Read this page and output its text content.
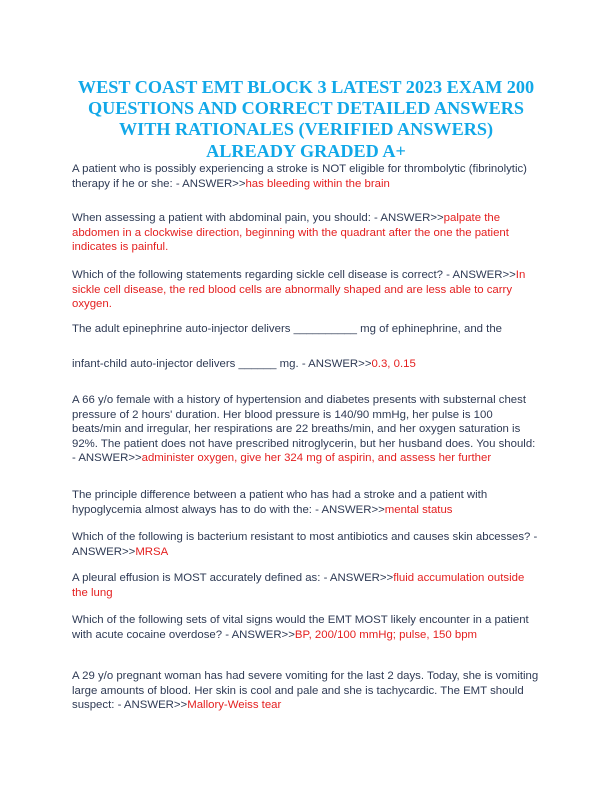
WEST COAST EMT BLOCK 3 LATEST 2023 EXAM 200
QUESTIONS AND CORRECT DETAILED ANSWERS
WITH RATIONALES (VERIFIED ANSWERS)
ALREADY GRADED A+

A patient who is possibly experiencing a stroke is NOT eligible for thrombolytic (fibrinolytic) therapy if he or she: - ANSWER>>has bleeding within the brain

When assessing a patient with abdominal pain, you should: - ANSWER>>palpate the abdomen in a clockwise direction, beginning with the quadrant after the one the patient indicates is painful.

Which of the following statements regarding sickle cell disease is correct? - ANSWER>>In sickle cell disease, the red blood cells are abnormally shaped and are less able to carry oxygen.

The adult epinephrine auto-injector delivers __________ mg of ephinephrine, and the

infant-child auto-injector delivers ______ mg. - ANSWER>>0.3, 0.15

A 66 y/o female with a history of hypertension and diabetes presents with substernal chest pressure of 2 hours' duration. Her blood pressure is 140/90 mmHg, her pulse is 100 beats/min and irregular, her respirations are 22 breaths/min, and her oxygen saturation is 92%. The patient does not have prescribed nitroglycerin, but her husband does. You should: - ANSWER>>administer oxygen, give her 324 mg of aspirin, and assess her further

The principle difference between a patient who has had a stroke and a patient with hypoglycemia almost always has to do with the: - ANSWER>>mental status

Which of the following is bacterium resistant to most antibiotics and causes skin abcesses? - ANSWER>>MRSA

A pleural effusion is MOST accurately defined as: - ANSWER>>fluid accumulation outside the lung

Which of the following sets of vital signs would the EMT MOST likely encounter in a patient with acute cocaine overdose? - ANSWER>>BP, 200/100 mmHg; pulse, 150 bpm

A 29 y/o pregnant woman has had severe vomiting for the last 2 days. Today, she is vomiting large amounts of blood. Her skin is cool and pale and she is tachycardic. The EMT should suspect: - ANSWER>>Mallory-Weiss tear
